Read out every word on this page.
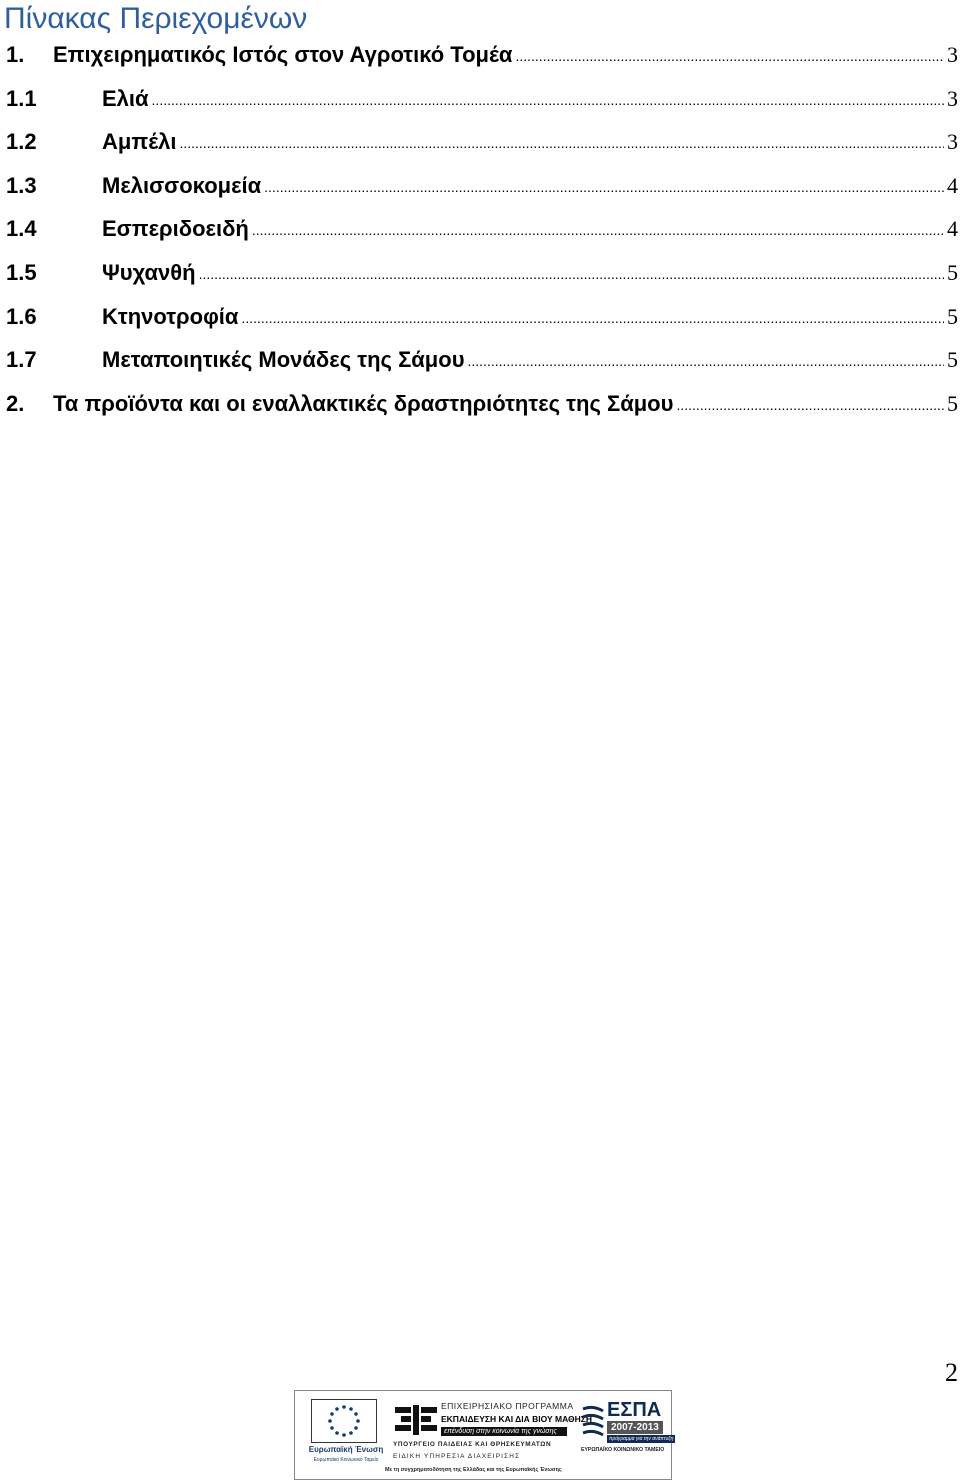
Πίνακας Περιεχομένων
1.	Επιχειρηματικός Ιστός στον Αγροτικό Τομέα .....	3
1.1	Ελιά .....	3
1.2	Αμπέλι .....	3
1.3	Μελισσοκομεία .....	4
1.4	Εσπεριδοειδή .....	4
1.5	Ψυχανθή .....	5
1.6	Κτηνοτροφία .....	5
1.7	Μεταποιητικές Μονάδες της Σάμου .....	5
2.	Τα προϊόντα και οι εναλλακτικές δραστηριότητες της Σάμου .....	5
2
Ευρωπαϊκή Ένωση
Ευρωπαϊκό Κοινωνικό Ταμείο
ΕΠΙΧΕΙΡΗΣΙΑΚΟ ΠΡΟΓΡΑΜΜΑ
ΕΚΠΑΙΔΕΥΣΗ ΚΑΙ ΔΙΑ ΒΙΟΥ ΜΑΘΗΣΗ
επένδυση στην κοινωνία της γνώσης
ΥΠΟΥΡΓΕΙΟ ΠΑΙΔΕΙΑΣ ΚΑΙ ΘΡΗΣΚΕΥΜΑΤΩΝ
ΕΙΔΙΚΗ ΥΠΗΡΕΣΙΑ ΔΙΑΧΕΙΡΙΣΗΣ
Με τη συγχρηματοδότηση της Ελλάδας και της Ευρωπαϊκής Ένωσης
ΕΣΠΑ
2007-2013
πρόγραμμα για την ανάπτυξη
ΕΥΡΩΠΑΪΚΟ ΚΟΙΝΩΝΙΚΟ ΤΑΜΕΙΟ
